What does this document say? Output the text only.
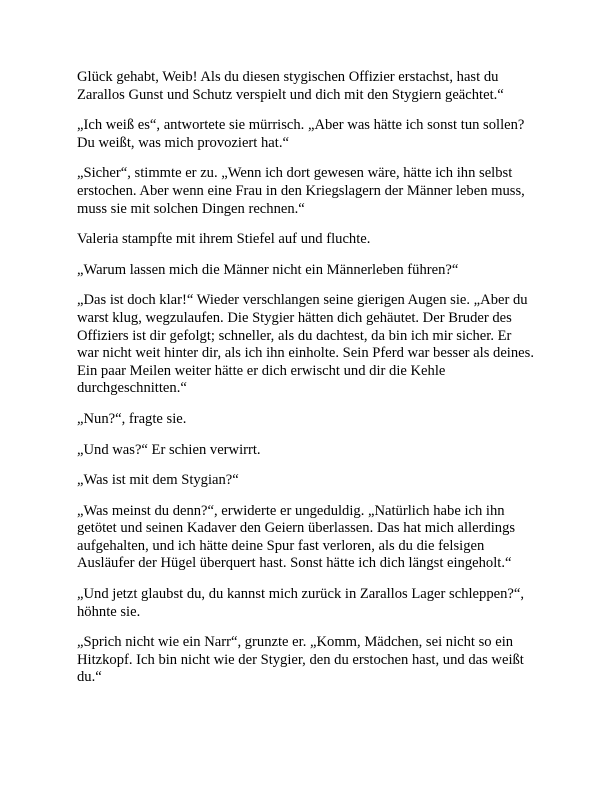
Glück gehabt, Weib! Als du diesen stygischen Offizier erstachst, hast du Zarallos Gunst und Schutz verspielt und dich mit den Stygiern geächtet.“

„Ich weiß es“, antwortete sie mürrisch. „Aber was hätte ich sonst tun sollen? Du weißt, was mich provoziert hat.“

„Sicher“, stimmte er zu. „Wenn ich dort gewesen wäre, hätte ich ihn selbst erstochen. Aber wenn eine Frau in den Kriegslagern der Männer leben muss, muss sie mit solchen Dingen rechnen.“

Valeria stampfte mit ihrem Stiefel auf und fluchte.

„Warum lassen mich die Männer nicht ein Männerleben führen?“

„Das ist doch klar!“ Wieder verschlangen seine gierigen Augen sie. „Aber du warst klug, wegzulaufen. Die Stygier hätten dich gehäutet. Der Bruder des Offiziers ist dir gefolgt; schneller, als du dachtest, da bin ich mir sicher. Er war nicht weit hinter dir, als ich ihn einholte. Sein Pferd war besser als deines. Ein paar Meilen weiter hätte er dich erwischt und dir die Kehle durchgeschnitten.“

„Nun?“, fragte sie.

„Und was?“ Er schien verwirrt.

„Was ist mit dem Stygian?“

„Was meinst du denn?“, erwiderte er ungeduldig. „Natürlich habe ich ihn getötet und seinen Kadaver den Geiern überlassen. Das hat mich allerdings aufgehalten, und ich hätte deine Spur fast verloren, als du die felsigen Ausläufer der Hügel überquert hast. Sonst hätte ich dich längst eingeholt.“

„Und jetzt glaubst du, du kannst mich zurück in Zarallos Lager schleppen?“, höhnte sie.

„Sprich nicht wie ein Narr“, grunzte er. „Komm, Mädchen, sei nicht so ein Hitzkopf. Ich bin nicht wie der Stygier, den du erstochen hast, und das weißt du.“
